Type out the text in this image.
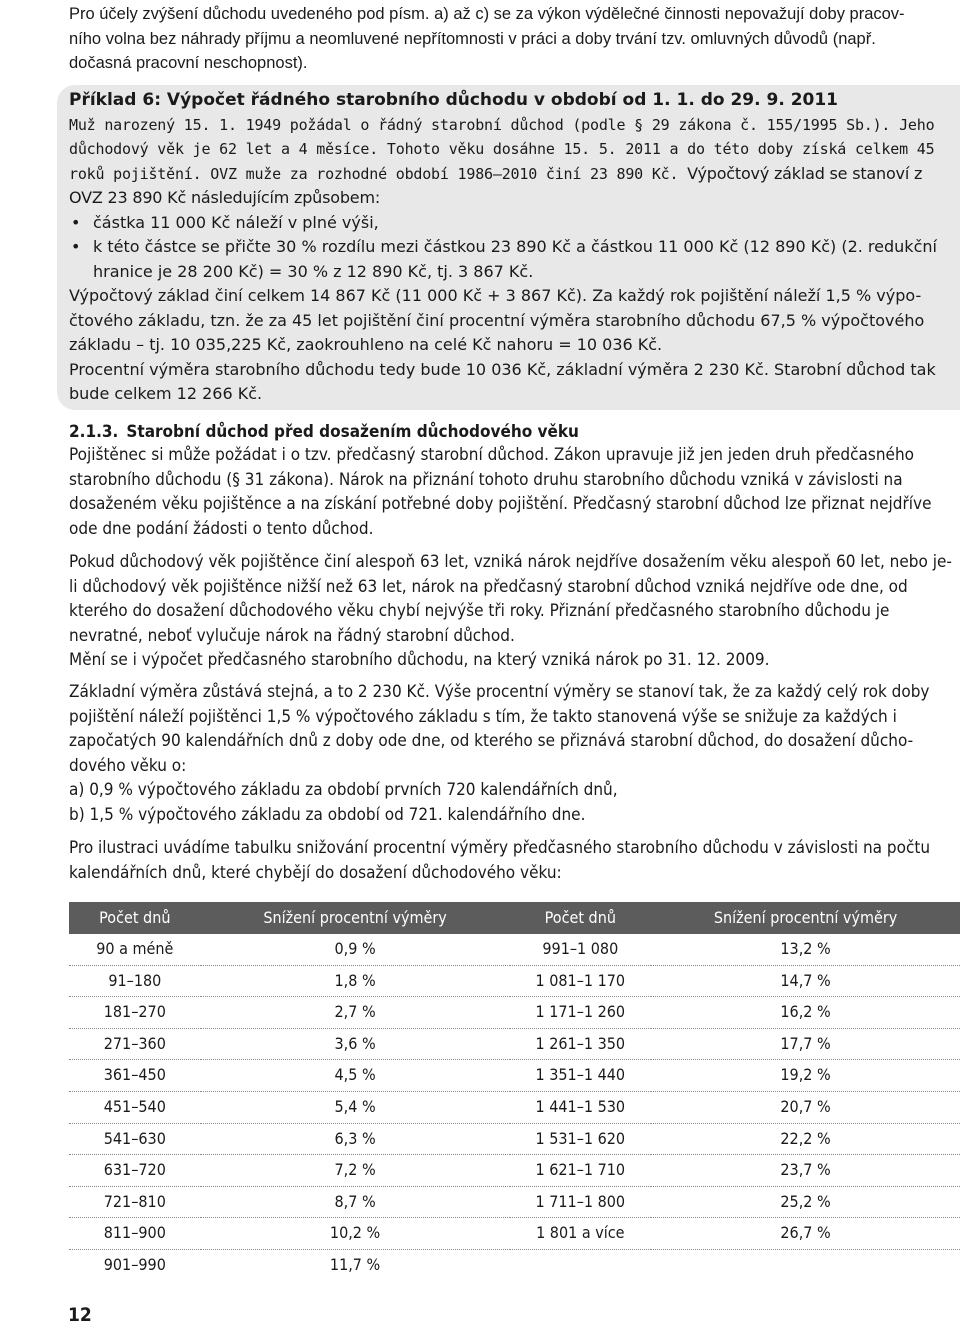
Pro účely zvýšení důchodu uvedeného pod písm. a) až c) se za výkon výdělečné činnosti nepovažují doby pracov-
ního volna bez náhrady příjmu a neomluvené nepřítomnosti v práci a doby trvání tzv. omluvných důvodů (např.
dočasná pracovní neschopnost).
Příklad 6: Výpočet řádného starobního důchodu v období od 1. 1. do 29. 9. 2011
Muž narozený 15. 1. 1949 požádal o řádný starobní důchod (podle § 29 zákona č. 155/1995 Sb.). Jeho důchodový věk je 62 let a 4 měsíce. Tohoto věku dosáhne 15. 5. 2011 a do této doby získá celkem 45 roků pojištění. OVZ muže za rozhodné období 1986–2010 činí 23 890 Kč. Výpočtový základ se stanoví z OVZ 23 890 Kč následujícím způsobem:
• částka 11 000 Kč náleží v plné výši,
• k této částce se přičte 30 % rozdílu mezi částkou 23 890 Kč a částkou 11 000 Kč (12 890 Kč) (2. redukční hranice je 28 200 Kč) = 30 % z 12 890 Kč, tj. 3 867 Kč.
Výpočtový základ činí celkem 14 867 Kč (11 000 Kč + 3 867 Kč). Za každý rok pojištění náleží 1,5 % výpo-čtového základu, tzn. že za 45 let pojištění činí procentní výměra starobního důchodu 67,5 % výpočtového základu – tj. 10 035,225 Kč, zaokrouhleno na celé Kč nahoru = 10 036 Kč.
Procentní výměra starobního důchodu tedy bude 10 036 Kč, základní výměra 2 230 Kč. Starobní důchod tak bude celkem 12 266 Kč.
2.1.3. Starobní důchod před dosažením důchodového věku

Pojištěnec si může požádat i o tzv. předčasný starobní důchod. Zákon upravuje již jen jeden druh předčasného starobního důchodu (§ 31 zákona). Nárok na přiznání tohoto druhu starobního důchodu vzniká v závislosti na dosaženém věku pojištěnce a na získání potřebné doby pojištění. Předčasný starobní důchod lze přiznat nejdříve ode dne podání žádosti o tento důchod.

Pokud důchodový věk pojištěnce činí alespoň 63 let, vzniká nárok nejdříve dosažením věku alespoň 60 let, nebo je-li důchodový věk pojištěnce nižší než 63 let, nárok na předčasný starobní důchod vzniká nejdříve ode dne, od kterého do dosažení důchodového věku chybí nejvýše tři roky. Přiznání předčasného starobního důchodu je nevratné, neboť vylučuje nárok na řádný starobní důchod.
Mění se i výpočet předčasného starobního důchodu, na který vzniká nárok po 31. 12. 2009.
Základní výměra zůstává stejná, a to 2 230 Kč. Výše procentní výměry se stanoví tak, že za každý celý rok doby pojištění náleží pojištěnci 1,5 % výpočtového základu s tím, že takto stanovená výše se snižuje za každých i započatých 90 kalendářních dnů z doby ode dne, od kterého se přiznává starobní důchod, do dosažení důcho-dového věku o:
a) 0,9 % výpočtového základu za období prvních 720 kalendářních dnů,
b) 1,5 % výpočtového základu za období od 721. kalendářního dne.

Pro ilustraci uvádíme tabulku snižování procentní výměry předčasného starobního důchodu v závislosti na počtu kalendářních dnů, které chybějí do dosažení důchodového věku:

Počet dnů	Snížení procentní výměry	Počet dnů	Snížení procentní výměry
90 a méně	0,9 %	991–1 080	13,2 %
91–180	1,8 %	1 081–1 170	14,7 %
181–270	2,7 %	1 171–1 260	16,2 %
271–360	3,6 %	1 261–1 350	17,7 %
361–450	4,5 %	1 351–1 440	19,2 %
451–540	5,4 %	1 441–1 530	20,7 %
541–630	6,3 %	1 531–1 620	22,2 %
631–720	7,2 %	1 621–1 710	23,7 %
721–810	8,7 %	1 711–1 800	25,2 %
811–900	10,2 %	1 801 a více	26,7 %
901–990	11,7 %		
12
